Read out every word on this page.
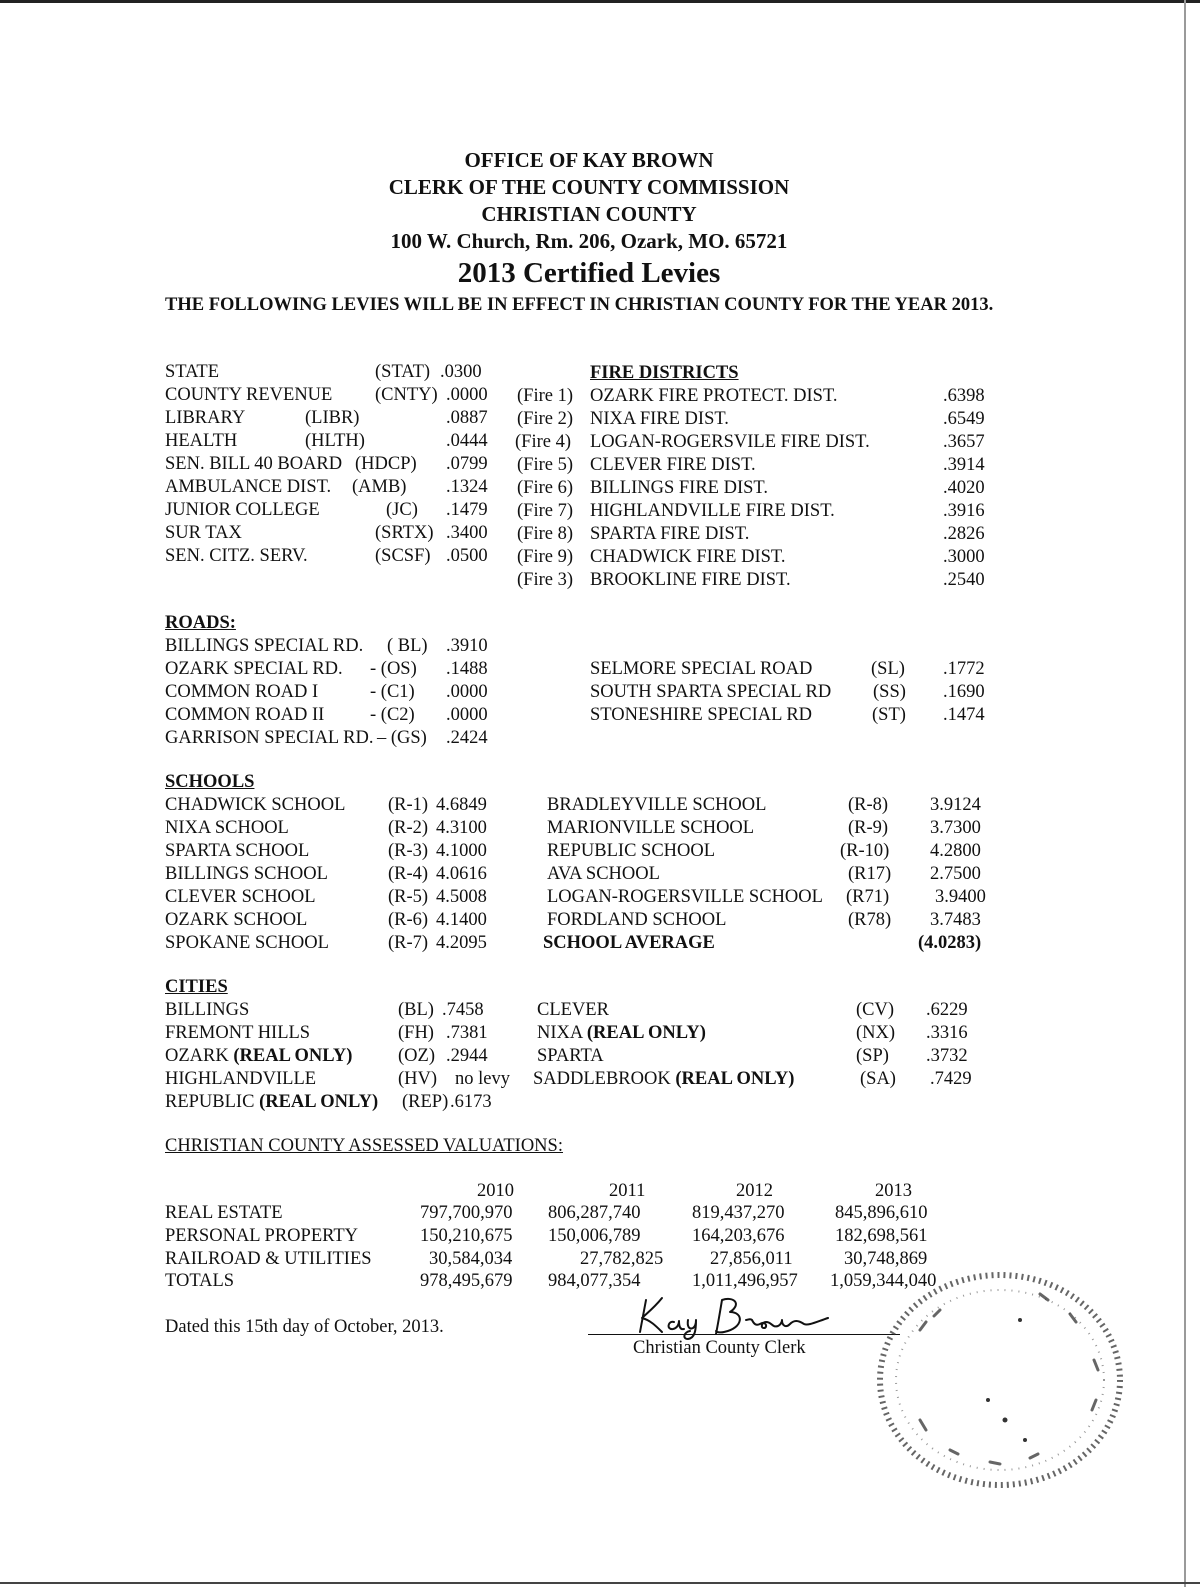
OFFICE OF KAY BROWN
CLERK OF THE COUNTY COMMISSION
CHRISTIAN COUNTY
100 W. Church, Rm. 206, Ozark, MO. 65721
2013 Certified Levies
THE FOLLOWING LEVIES WILL BE IN EFFECT IN CHRISTIAN COUNTY FOR THE YEAR 2013.
STATE	(STAT) .0300
COUNTY REVENUE (CNTY) .0000
LIBRARY	(LIBR)	.0887
HEALTH	(HLTH)	.0444
SEN. BILL 40 BOARD (HDCP) .0799
AMBULANCE DIST. (AMB) .1324
JUNIOR COLLEGE	(JC) .1479
SUR TAX	(SRTX) .3400
SEN. CITZ. SERV.	(SCSF) .0500
FIRE DISTRICTS
(Fire 1) OZARK FIRE PROTECT. DIST.	.6398
(Fire 2) NIXA FIRE DIST.	.6549
(Fire 4) LOGAN-ROGERSVILE FIRE DIST.	.3657
(Fire 5) CLEVER FIRE DIST.	.3914
(Fire 6) BILLINGS FIRE DIST.	.4020
(Fire 7) HIGHLANDVILLE FIRE DIST.	.3916
(Fire 8) SPARTA FIRE DIST.	.2826
(Fire 9) CHADWICK FIRE DIST.	.3000
(Fire 3) BROOKLINE FIRE DIST.	.2540
ROADS:
BILLINGS SPECIAL RD. ( BL) .3910
OZARK SPECIAL RD. - (OS) .1488
COMMON ROAD I	- (C1) .0000
COMMON ROAD II - (C2) .0000
GARRISON SPECIAL RD. – (GS) .2424
SELMORE SPECIAL ROAD	(SL) .1772
SOUTH SPARTA SPECIAL RD (SS) .1690
STONESHIRE SPECIAL RD	(ST) .1474
SCHOOLS
CHADWICK SCHOOL (R-1) 4.6849
NIXA SCHOOL	(R-2) 4.3100
SPARTA SCHOOL	(R-3) 4.1000
BILLINGS SCHOOL	(R-4) 4.0616
CLEVER SCHOOL	(R-5) 4.5008
OZARK SCHOOL	(R-6) 4.1400
SPOKANE SCHOOL	(R-7) 4.2095
BRADLEYVILLE SCHOOL	(R-8) 3.9124
MARIONVILLE SCHOOL	(R-9) 3.7300
REPUBLIC SCHOOL	(R-10) 4.2800
AVA SCHOOL	(R17) 2.7500
LOGAN-ROGERSVILLE SCHOOL (R71) 3.9400
FORDLAND SCHOOL	(R78) 3.7483
SCHOOL AVERAGE	(4.0283)
CITIES
BILLINGS	(BL) .7458
FREMONT HILLS	(FH) .7381
OZARK (REAL ONLY) (OZ) .2944
HIGHLANDVILLE	(HV) no levy
REPUBLIC (REAL ONLY) (REP) .6173
CLEVER	(CV) .6229
NIXA (REAL ONLY)	(NX) .3316
SPARTA	(SP) .3732
SADDLEBROOK (REAL ONLY)	(SA) .7429
CHRISTIAN COUNTY ASSESSED VALUATIONS:
2010	2011	2012	2013
REAL ESTATE	797,700,970 806,287,740	819,437,270	845,896,610
PERSONAL PROPERTY	150,210,675 150,006,789	164,203,676	182,698,561
RAILROAD & UTILITIES	30,584,034	27,782,825	27,856,011	30,748,869
TOTALS	978,495,679 984,077,354	1,011,496,957 1,059,344,040
Dated this 15th day of October, 2013.
Christian County Clerk
